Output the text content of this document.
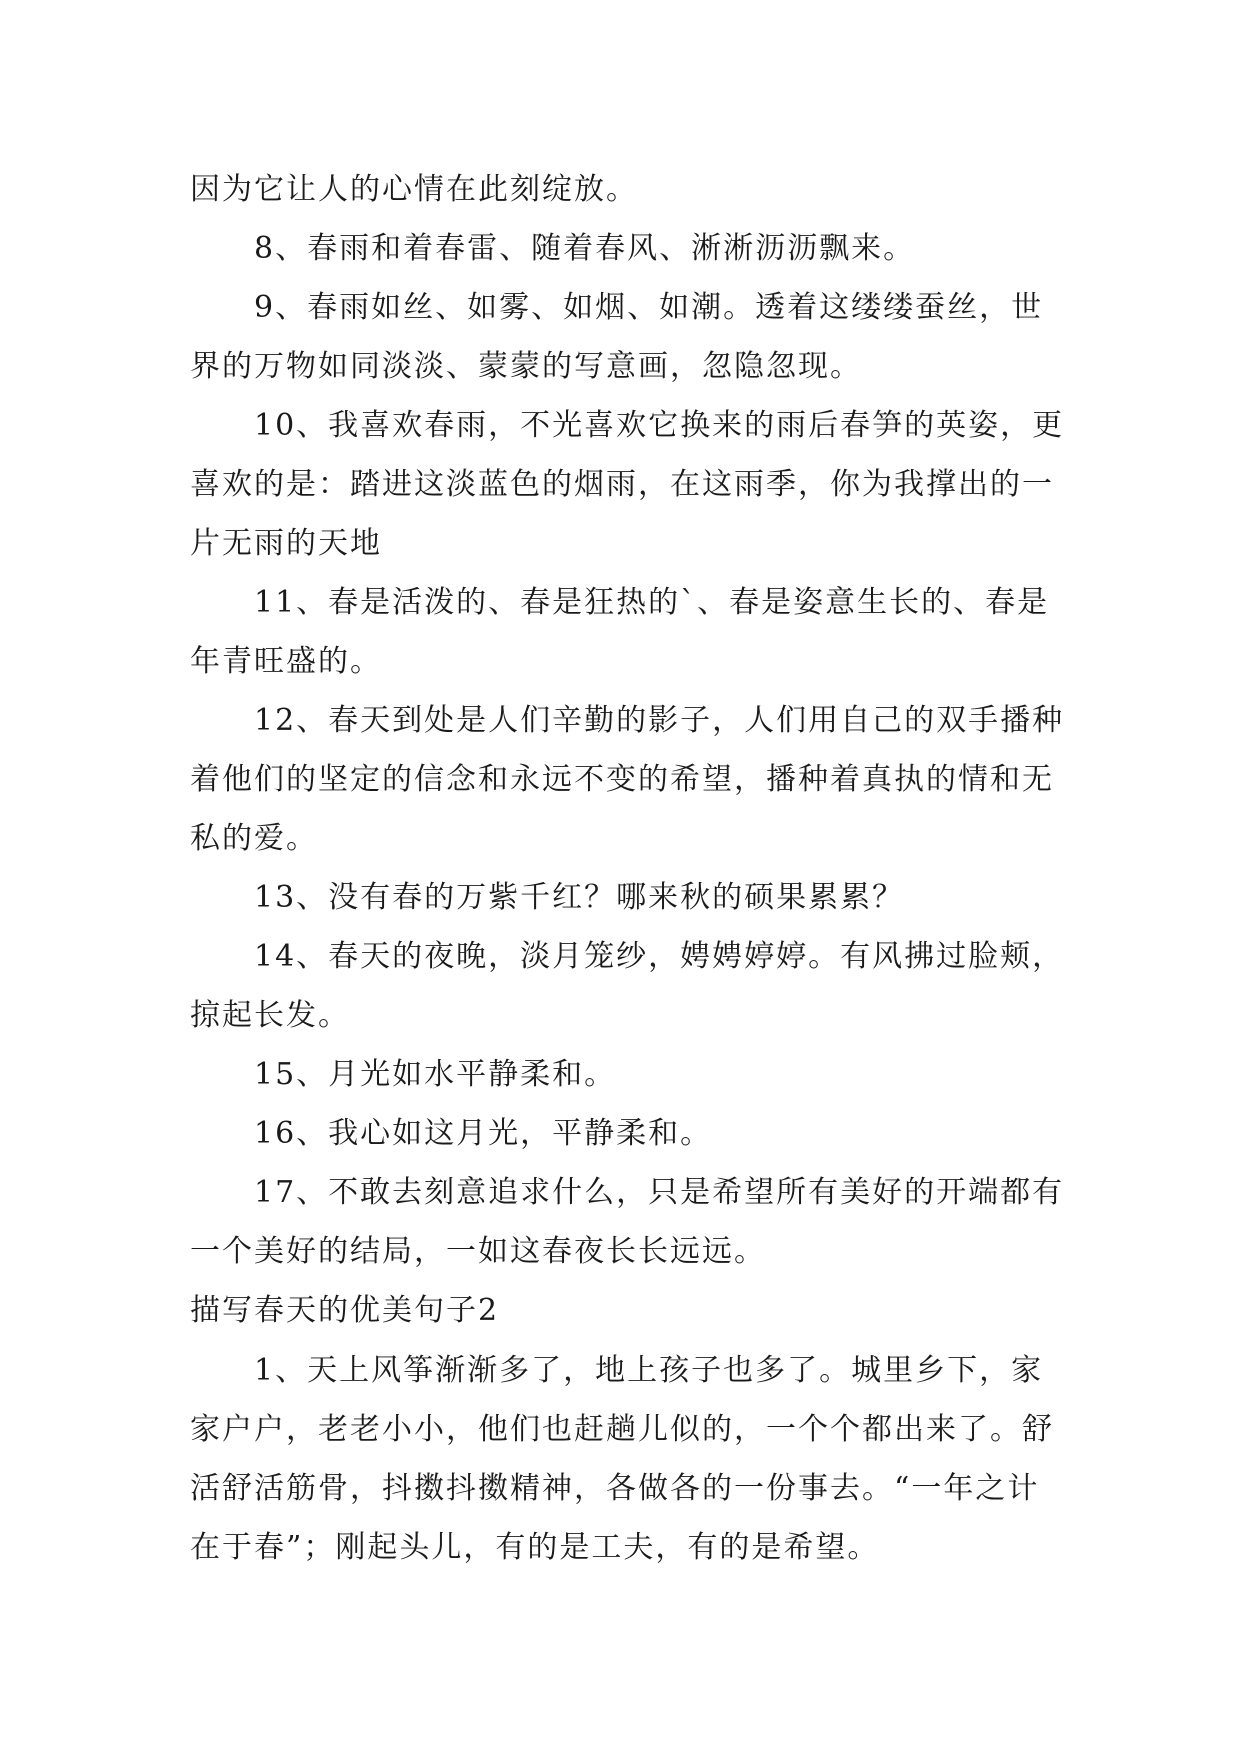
因为它让人的心情在此刻绽放。

8、春雨和着春雷、随着春风、淅淅沥沥飘来。

9、春雨如丝、如雾、如烟、如潮。透着这缕缕蚕丝，世界的万物如同淡淡、蒙蒙的写意画，忽隐忽现。

10、我喜欢春雨，不光喜欢它换来的雨后春笋的英姿，更喜欢的是：踏进这淡蓝色的烟雨，在这雨季，你为我撑出的一片无雨的天地

11、春是活泼的、春是狂热的`、春是姿意生长的、春是年青旺盛的。

12、春天到处是人们辛勤的影子，人们用自己的双手播种着他们的坚定的信念和永远不变的希望，播种着真执的情和无私的爱。

13、没有春的万紫千红？哪来秋的硕果累累？

14、春天的夜晚，淡月笼纱，娉娉婷婷。有风拂过脸颊，掠起长发。

15、月光如水平静柔和。

16、我心如这月光，平静柔和。

17、不敢去刻意追求什么，只是希望所有美好的开端都有一个美好的结局，一如这春夜长长远远。

描写春天的优美句子2

1、天上风筝渐渐多了，地上孩子也多了。城里乡下，家家户户，老老小小，他们也赶趟儿似的，一个个都出来了。舒活舒活筋骨，抖擞抖擞精神，各做各的一份事去。“一年之计在于春”；刚起头儿，有的是工夫，有的是希望。
